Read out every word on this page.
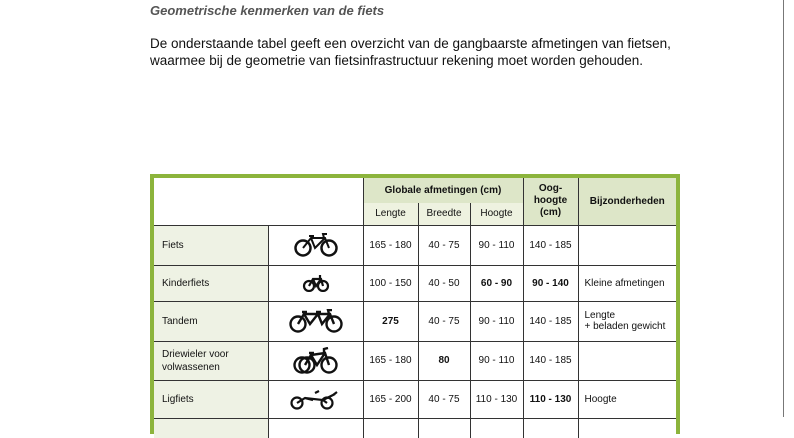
Geometrische kenmerken van de fiets
De onderstaande tabel geeft een overzicht van de gangbaarste afmetingen van fietsen,
waarmee bij de geometrie van fietsinfrastructuur rekening moet worden gehouden.
		Globale afmetingen (cm)			Oog-
hoogte
(cm)	Bijzonderheden
		Lengte	Breedte	Hoogte		
Fiets		165 - 180	40 - 75	90 - 110	140 - 185	
Kinderfiets		100 - 150	40 - 50	60 - 90	90 - 140	Kleine afmetingen
Tandem		275	40 - 75	90 - 110	140 - 185	Lengte
+ beladen gewicht

Driewieler voor
volwassenen		165 - 180	80	90 - 110	140 - 185	
Ligfiets		165 - 200	40 - 75	110 - 130	110 - 130	Hoogte
